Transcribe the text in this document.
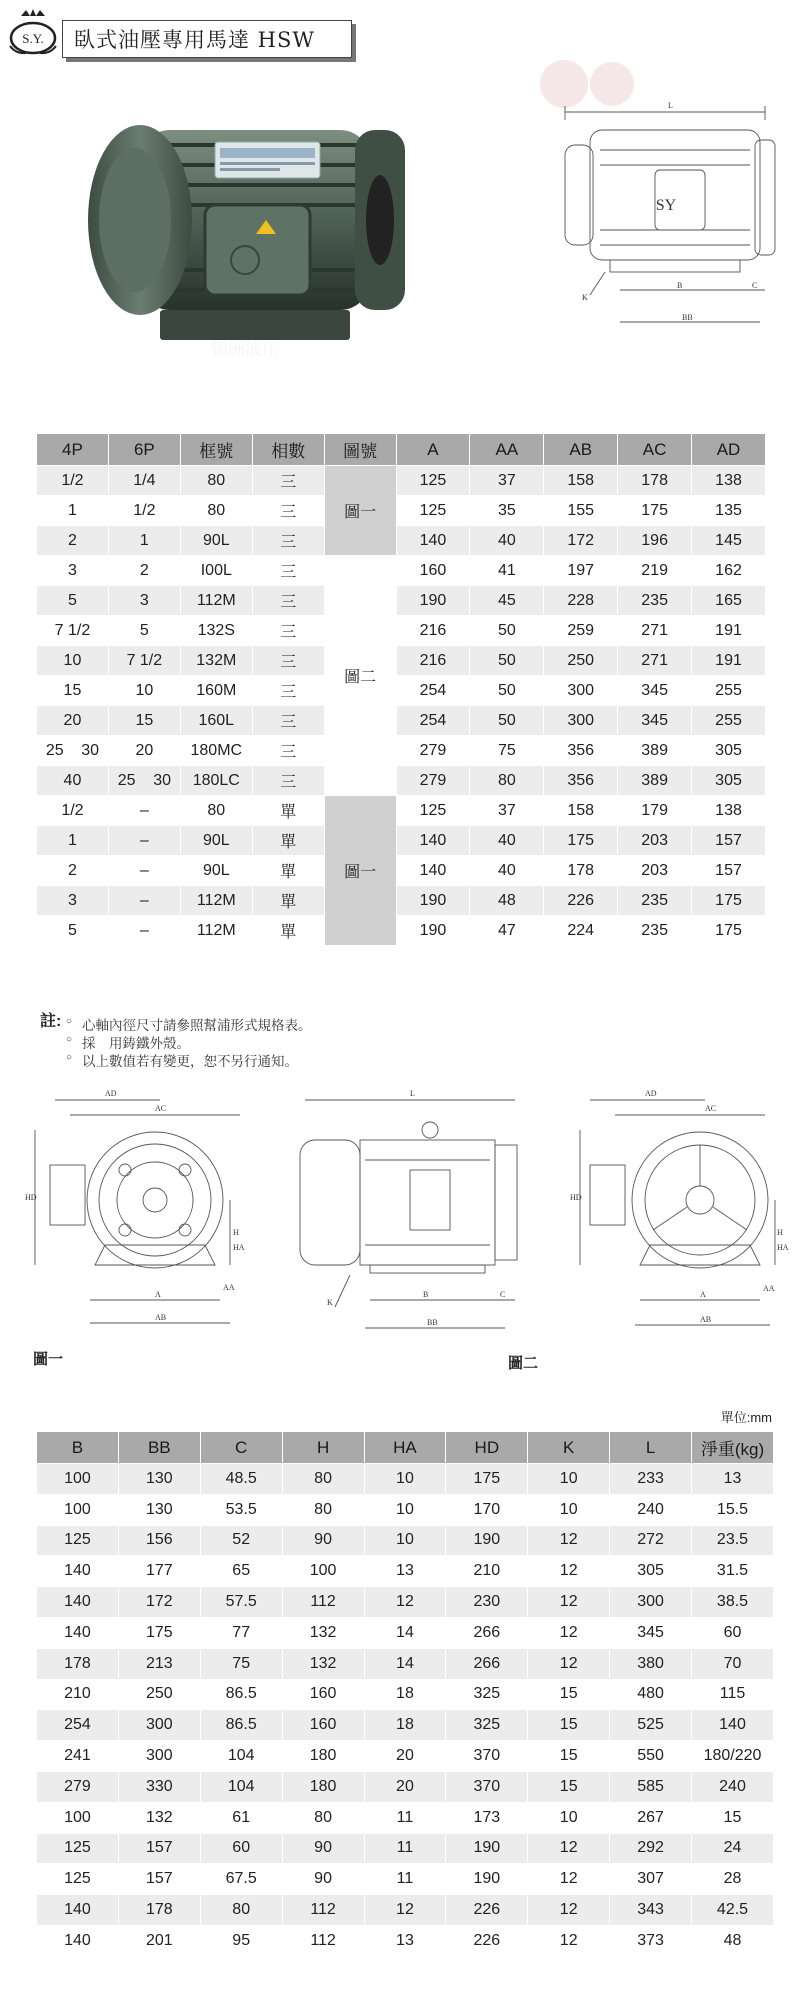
S.Y. 臥式油壓專用馬達 HSW
锦洲液压
SY
L
B
BB
C
K
4P	6P	框號	相數	圖號	A	AA	AB	AC	AD
1/2	1/4	80	三	圖一	125	37	158	178	138
1	1/2	80	三		125	35	155	175	135
2	1	90L	三		140	40	172	196	145
3	2	I00L	三	圖二	160	41	197	219	162
5	3	112M	三		190	45	228	235	165
7 1/2	5	132S	三		216	50	259	271	191
10	7 1/2	132M	三		216	50	250	271	191
15	10	160M	三		254	50	300	345	255
20	15	160L	三		254	50	300	345	255

25 30	20	180MC	三		279	75	356	389	305
40	25 30	180LC	三		279	80	356	389	305
1/2	–	80	單	圖一	125	37	158	179	138
1	–	90L	單		140	40	175	203	157
2	–	90L	單		140	40	178	203	157
3	–	112M	單		190	48	226	235	175
5	–	112M	單		190	47	224	235	175
註: ○ 心軸內徑尺寸請參照幫浦形式規格表。
○ 採　用鋳鐵外殼。
○ 以上數值若有變更，恕不另行通知。
AD
AC
HD
H
HA
A
AB
AA
L
B
BB
C
K
AD
AC
HD
H
HA
A
AB
AA
圖一	圖二
單位:mm
B	BB	C	H	HA	HD	K	L	淨重(kg)
100	130	48.5	80	10	175	10	233	13
100	130	53.5	80	10	170	10	240	15.5
125	156	52	90	10	190	12	272	23.5
140	177	65	100	13	210	12	305	31.5
140	172	57.5	112	12	230	12	300	38.5
140	175	77	132	14	266	12	345	60
178	213	75	132	14	266	12	380	70
210	250	86.5	160	18	325	15	480	115
254	300	86.5	160	18	325	15	525	140
241	300	104	180	20	370	15	550	180/220
279	330	104	180	20	370	15	585	240
100	132	61	80	11	173	10	267	15
125	157	60	90	11	190	12	292	24
125	157	67.5	90	11	190	12	307	28
140	178	80	112	12	226	12	343	42.5
140	201	95	112	13	226	12	373	48
